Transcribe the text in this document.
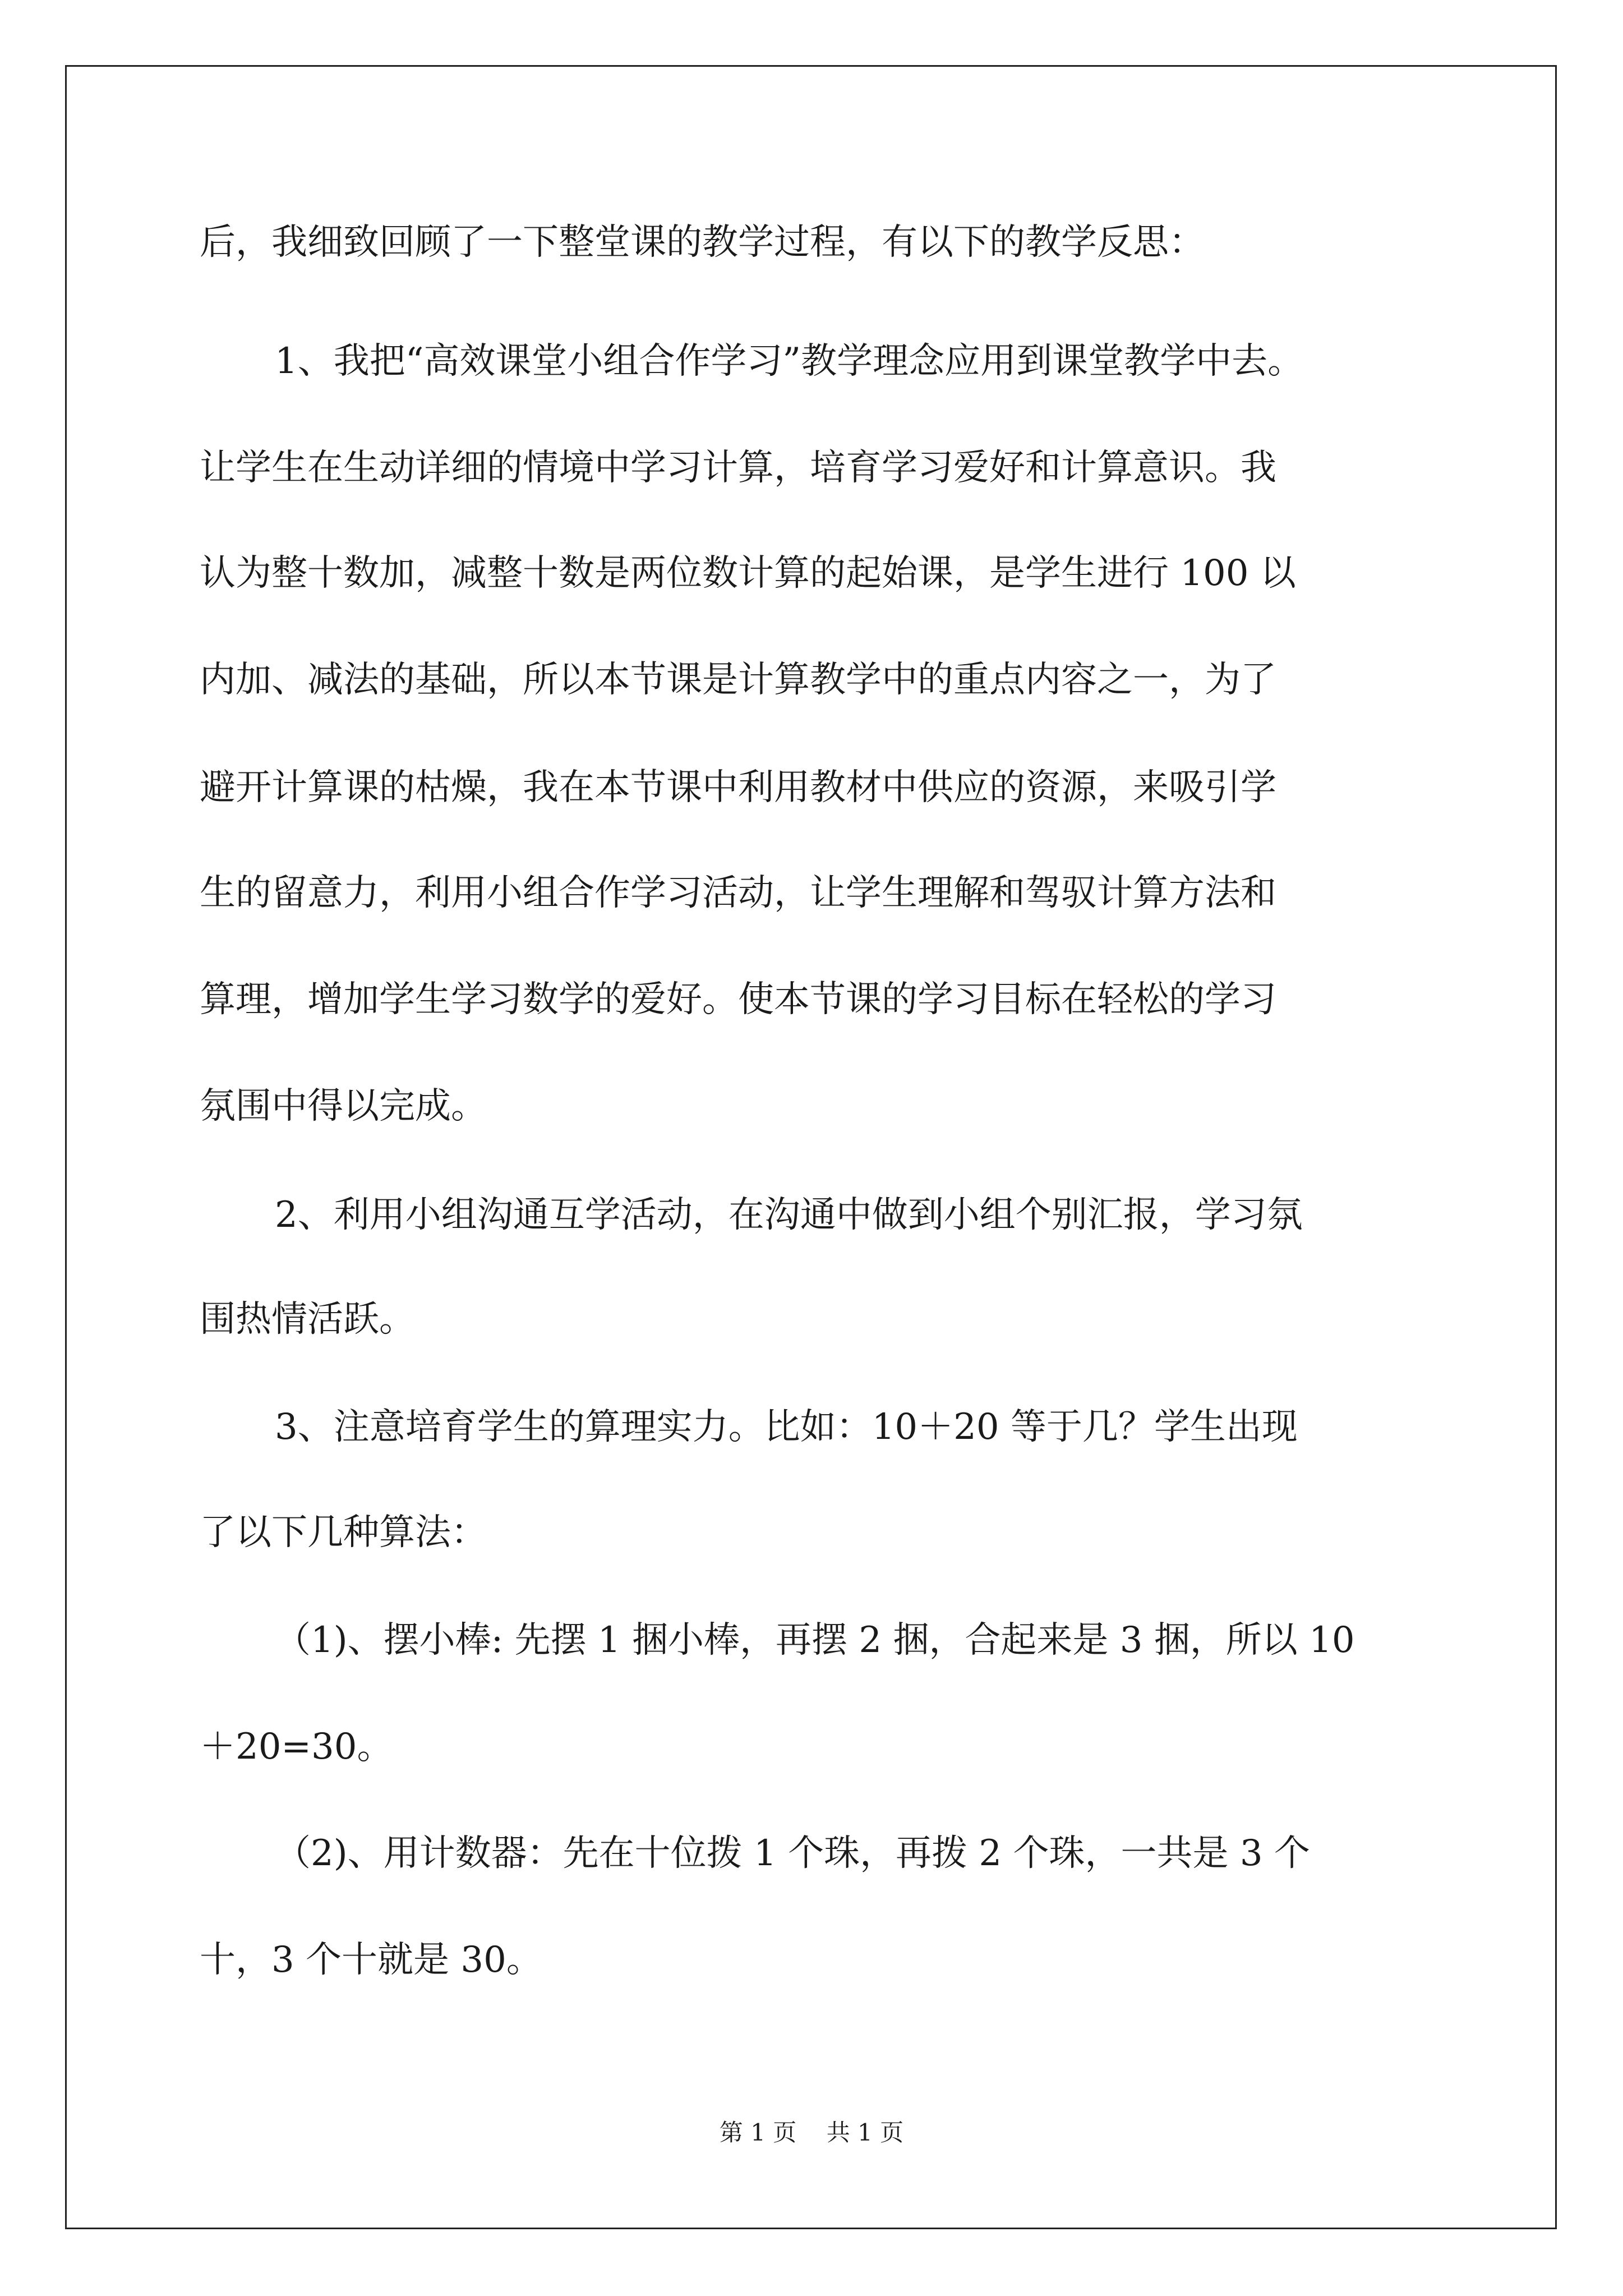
后，我细致回顾了一下整堂课的教学过程，有以下的教学反思：
1、我把“高效课堂小组合作学习”教学理念应用到课堂教学中去。
让学生在生动详细的情境中学习计算，培育学习爱好和计算意识。我
认为整十数加，减整十数是两位数计算的起始课，是学生进行 100 以
内加、减法的基础，所以本节课是计算教学中的重点内容之一，为了
避开计算课的枯燥，我在本节课中利用教材中供应的资源，来吸引学
生的留意力，利用小组合作学习活动，让学生理解和驾驭计算方法和
算理，增加学生学习数学的爱好。使本节课的学习目标在轻松的学习
氛围中得以完成。
2、利用小组沟通互学活动，在沟通中做到小组个别汇报，学习氛
围热情活跃。
3、注意培育学生的算理实力。比如：10＋20 等于几？学生出现
了以下几种算法：
（1)、摆小棒: 先摆 1 捆小棒，再摆 2 捆，合起来是 3 捆，所以 10
＋20=30。
（2)、用计数器：先在十位拨 1 个珠，再拨 2 个珠，一共是 3 个
十，3 个十就是 30。
第 1 页    共 1 页
